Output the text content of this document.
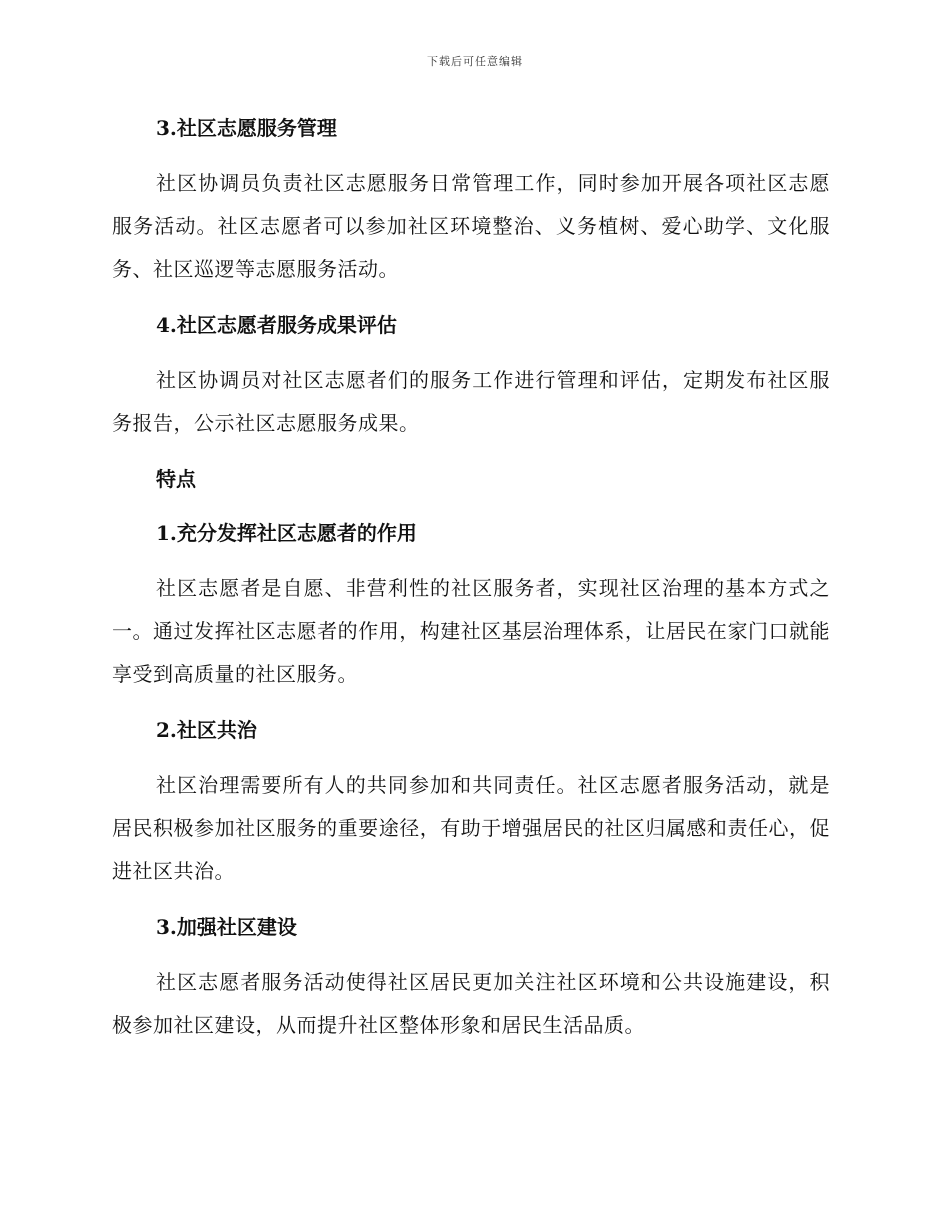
下载后可任意编辑
3.社区志愿服务管理

社区协调员负责社区志愿服务日常管理工作，同时参加开展各项社区志愿服务活动。社区志愿者可以参加社区环境整治、义务植树、爱心助学、文化服务、社区巡逻等志愿服务活动。

4.社区志愿者服务成果评估

社区协调员对社区志愿者们的服务工作进行管理和评估，定期发布社区服务报告，公示社区志愿服务成果。

特点
1.充分发挥社区志愿者的作用

社区志愿者是自愿、非营利性的社区服务者，实现社区治理的基本方式之一。通过发挥社区志愿者的作用，构建社区基层治理体系，让居民在家门口就能享受到高质量的社区服务。

2.社区共治

社区治理需要所有人的共同参加和共同责任。社区志愿者服务活动，就是居民积极参加社区服务的重要途径，有助于增强居民的社区归属感和责任心，促进社区共治。

3.加强社区建设

社区志愿者服务活动使得社区居民更加关注社区环境和公共设施建设，积极参加社区建设，从而提升社区整体形象和居民生活品质。
